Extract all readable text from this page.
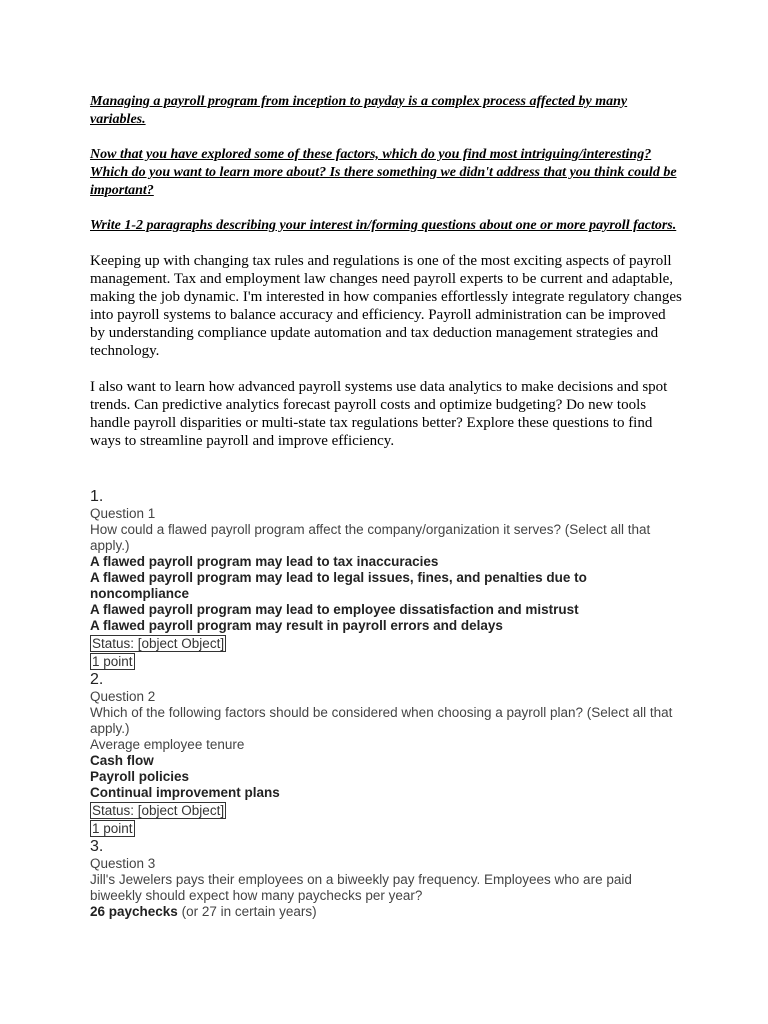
Managing a payroll program from inception to payday is a complex process affected by many variables.

Now that you have explored some of these factors, which do you find most intriguing/interesting? Which do you want to learn more about? Is there something we didn't address that you think could be important?

Write 1-2 paragraphs describing your interest in/forming questions about one or more payroll factors.

Keeping up with changing tax rules and regulations is one of the most exciting aspects of payroll management. Tax and employment law changes need payroll experts to be current and adaptable, making the job dynamic. I'm interested in how companies effortlessly integrate regulatory changes into payroll systems to balance accuracy and efficiency. Payroll administration can be improved by understanding compliance update automation and tax deduction management strategies and technology.

I also want to learn how advanced payroll systems use data analytics to make decisions and spot trends. Can predictive analytics forecast payroll costs and optimize budgeting? Do new tools handle payroll disparities or multi-state tax regulations better? Explore these questions to find ways to streamline payroll and improve efficiency.

1.
Question 1
How could a flawed payroll program affect the company/organization it serves? (Select all that apply.)
A flawed payroll program may lead to tax inaccuracies
A flawed payroll program may lead to legal issues, fines, and penalties due to noncompliance
A flawed payroll program may lead to employee dissatisfaction and mistrust
A flawed payroll program may result in payroll errors and delays
Status: [object Object]
1 point
2.
Question 2
Which of the following factors should be considered when choosing a payroll plan? (Select all that apply.)
Average employee tenure
Cash flow
Payroll policies
Continual improvement plans
Status: [object Object]
1 point
3.
Question 3
Jill's Jewelers pays their employees on a biweekly pay frequency. Employees who are paid biweekly should expect how many paychecks per year?
26 paychecks (or 27 in certain years)
